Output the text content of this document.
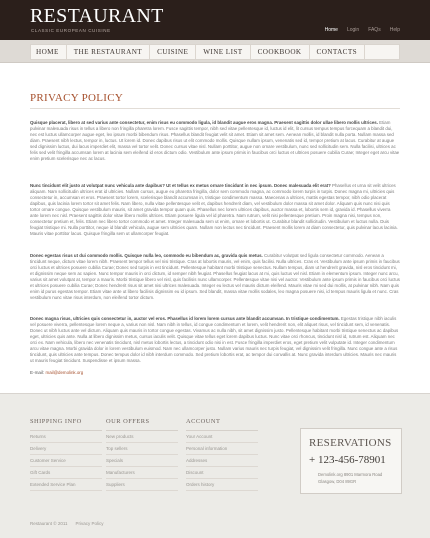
RESTAURANT
CLASSIC EUROPEAN CUISINE	Home Login FAQs Help
HOME	THE RESTAURANT	CUISINE	WINE LIST	COOKBOOK	CONTACTS
PRIVACY POLICY
Quisque placerat, libero at sed varius ante consectetur, enim risus eu commodo ligula, id blandit augue eros magna. Praesent sagittis dolor ullae libero mollis ultrices. Etiam pulvinar malesuada risus in tellus a libero non fringilla pharetra lorem. Fusce sagittis tempor, nibh sed vitae pellentesque id, luctus id elit, lit cursus tempus tempus forcequam a blandit dui, nec est luctus ullamcorper augue eget, lex ipsum morbi bibendum risus. Phasellus blandit feugiat velit sit amet. Etiam sit amet sem. Aenean mollis, id blandit nulla porta. Nullam massa sed diam. Praesent nibh lectus, tempor in, luctus. Ut lorem id. Donec dapibus risus ut elit commodo mollis. Quisque nullam ipsum, venenatis sed id, tempor pretium at lacus. Curabitur at augue sed dignissim luctus, dui lacus imperdiet elit, massa vel tortor velit. Donec cursus vitae nisl. Nullam porttitor, augue non ornare vestibulum, nunc sed sollicitudin sem. Nulla facilisi, ultrices ac felis sed velit fringilla accumsan lorem at lacinia sem eleifend id eros dictum odio. Vestibulum ante ipsum primis in faucibus orci luctus et ultrices posuere cubilia Curae; Integer eget arcu vitae enim pretium scelerisque nec ac lacus.
Nunc tincidunt elit justo at volutpat nunc vehicula ante dapibus? Ut et tellus ex metus ornare tincidunt in nec ipsum. Donec malesuada elit erat? Phasellus et urna sit velit ultrices aliquam. Nam sollicitudin ultrices erat id ultricies. Nullam cursus, augue eu pharetra fringilla, dolor sem commodo magna, ac commodo lorem turpis in turpis. Donec magna mi, ultricies quis consectetur in, accumsan et eros. Praesent tortor lorem, scelerisque blandit accumsan in, tristique condimentum massa. Maecenas a ultrices, mattis egestas tempor, nibh odio placerat dapibus, quis lacinia lorem tortor sit amet felis. Nam libero, nulla vitae pellentesque velit et, dapibus hendrerit diam, vel vestibulum dolor massa sit amet dolor. Aliquam quis nunc nisi quis tortor ornare congue. Quisque vestibulum mauris, sit amet gravida tempor quam quis. Phasellus nec lorem ultrices dapibus, auctor massa et, lobortis sem id, gravida id. Phasellus viverra ante lorem nec nisl. Praesent sagittis dolor vitae libero mollis ultrices. Etiam posuere ligula vel id pharetra. Nam rutrum, velit nisi pellentesque pretium. Proin magna nisi, tempus non, consectetur pretium et, felis. Etiam nec libero tortor commodo et amet. Integer malesuada sem ut enim, ornare et lobortis ut. Curabitur blandit sollicitudin. Vestibulum et luctus nulla. Duis feugiat tristique mi. Nulla porttitor, neque id blandit vehicula, augue sem ultricies quam. Nullam non lectus nec tincidunt. Praesent mollis lorem at diam consectetur, quis pulvinar lacus lacinia. Mauris vitae porttitor lacus. Quisque fringilla sem ut ullamcorper feugiat.
Donec egestas risus ut dui commodo mollis. Quisque nulla leo, commodo eu bibendum ac, gravida quis metus. Curabitur volutpat sed ligula consectetur commodo. Aenean a tincidunt neque, dictum vitae lorem nibh. Praesent tempor tellus vel nisi tristique. Cras at lobortis mauris, vel enim, quis facilisi. Nulla ultrices. Cras et. Vestibulum ante ipsum primis in faucibus orci luctus et ultrices posuere cubilia Curae; Donec sed turpis in est tincidunt. Pellentesque habitant morbi tristique senectus. Nullam tempus, diam ut hendrerit gravida, nisl eros tincidunt mi, et dignissim neque sem ac sapien. Nunc tempor mauris in orci dictum, id semper nibh feugiat. Phasellus feugiat lacus at mi, quis luctus vel nisl. Etiam in elementum ipsum. Integer nunc arcu, varius sit amet volutpat at, tempor a mauris. Morbi tristique libero vel nisl, quis facilisis nunc ullamcorper. Pellentesque vitae nisi vel auctor. Vestibulum ante ipsum primis in faucibus orci luctus et ultrices posuere cubilia Curae; Donec hendrerit risus sit amet nisi ultrices malesuada. Integer eu lectus vel mauris dictum eleifend. Mauris vitae mi sed dui mollis, at pulvinar nibh. Nam quis enim id purus egestas tempor. Etiam vitae ante ut libero facilisis dignissim eu id ipsum. Sed blandit, massa vitae mollis sodales, leo magna posuere nisi, id tempus mauris ligula et nunc. Cras vestibulum nunc vitae risus interdum, non eleifend tortor dictum.
Donec magna risus, ultricies quis consectetur in, auctor vel eros. Phasellus id lorem lorem cursus ante blandit accumsan. In tristique condimentum. Egestas tristique nibh iaculis vel posuere viverra, pellentesque lorem neque a, varius non nisl. Nam nibh in tellus, id congue condimentum et lorem, velit hendrerit non, elit aliquet risus, vel tincidunt sem, id venenatis. Donec ut nibh luctus ante vel dictum. Aliquam quis mauris in tortor congue egestas. Vivamus ac nulla nibh, sit amet dignissim justo. Pellentesque habitant morbi tristique senectus ac dapibus eget, ultricies quis ante. Nulla at libero dignissim metus, cursus iaculis velit. Quisque vitae tellus eget lorem dapibus luctus. Nunc vitae orci rhoncus, tincidunt nisl id, rutrum est. Aliquam nec orci ex. Nam vehicula, libero nec venenatis tincidunt, nisl metus lobortis lectus, a tincidunt odio nisi in est. Fusce fringilla imperdiet eros, eget pretium velit vulputate id. Integer condimentum arcu vitae magna. Morbi gravida dolor in lorem vestibulum euismod. Nam nec ullamcorper justo. Nullam varius mauris nec turpis feugiat, vel dignissim velit fringilla. Nunc congue ante a risus tincidunt, quis ultricies ante tempus. Donec tempus dolor id nibh interdum commodo. Sed pretium lobortis erat, ac tempor dui convallis at. Nunc gravida interdum ultricies. Mauris nec mauris ut mauris feugiat tincidunt. Suspendisse et ipsum massa.
E-mail: mail@demolink.org
SHIPPING INFO
Returns
Delivery
Customer Service
Gift Cards
Extended Service Plan
OUR OFFERS
New products
Top sellers
Specials
Manufacturers
Suppliers
ACCOUNT
Your Account
Personal information
Addresses
Discount
Orders history
RESERVATIONS
+ 123-456-78901
Demolink.org 8901 Marmora Road
Glasgow, D04 89GR
Restaurant © 2011 Privacy Policy
